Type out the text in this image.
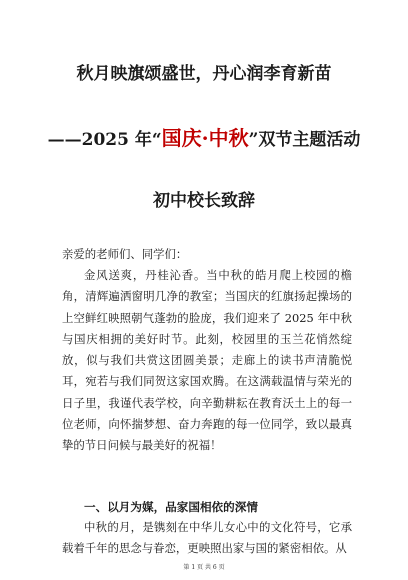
秋月映旗颂盛世，丹心润李育新苗
——2025 年“国庆·中秋”双节主题活动
初中校长致辞
亲爱的老师们、同学们：
金风送爽，丹桂沁香。当中秋的皓月爬上校园的檐角，清辉遍洒窗明几净的教室；当国庆的红旗扬起操场的上空鲜红映照朝气蓬勃的脸庞，我们迎来了 2025 年中秋与国庆相拥的美好时节。此刻，校园里的玉兰花悄然绽放，似与我们共赏这团圆美景；走廊上的读书声清脆悦耳，宛若与我们同贺这家国欢腾。在这满载温情与荣光的日子里，我谨代表学校，向辛勤耕耘在教育沃土上的每一位老师，向怀揣梦想、奋力奔跑的每一位同学，致以最真挚的节日问候与最美好的祝福！
一、以月为媒，品家国相依的深情
中秋的月，是镌刻在中华儿女心中的文化符号，它承载着千年的思念与眷恋，更映照出家与国的紧密相依。从
第 1 页 共 6 页
